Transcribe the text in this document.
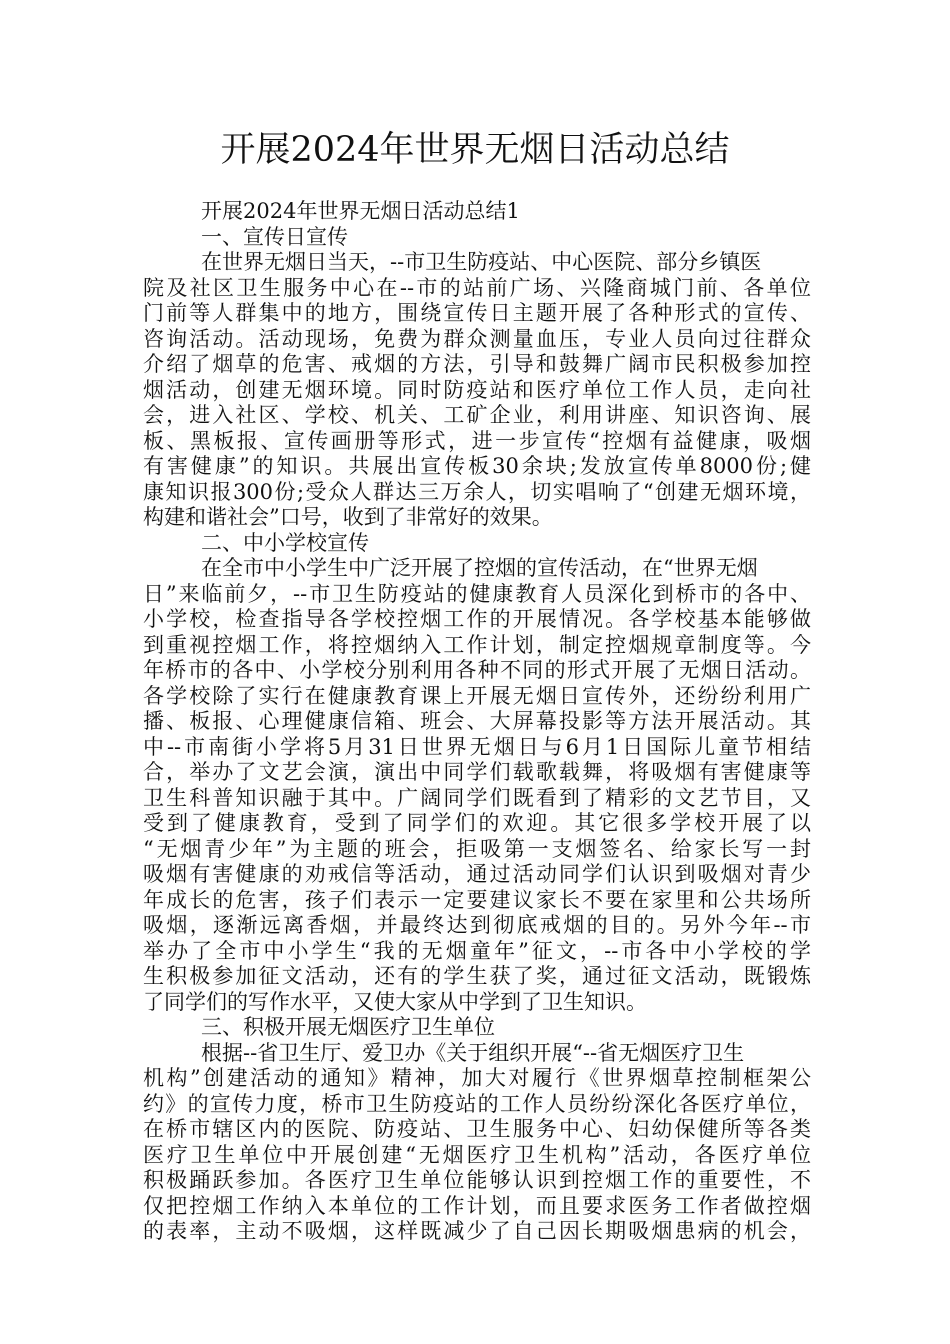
开展2024年世界无烟日活动总结

开展2024年世界无烟日活动总结1

一、宣传日宣传

在世界无烟日当天，--市卫生防疫站、中心医院、部分乡镇医

院及社区卫生服务中心在--市的站前广场、兴隆商城门前、各单位

门前等人群集中的地方，围绕宣传日主题开展了各种形式的宣传、

咨询活动。活动现场，免费为群众测量血压，专业人员向过往群众

介绍了烟草的危害、戒烟的方法，引导和鼓舞广阔市民积极参加控

烟活动，创建无烟环境。同时防疫站和医疗单位工作人员，走向社

会，进入社区、学校、机关、工矿企业，利用讲座、知识咨询、展

板、黑板报、宣传画册等形式，进一步宣传“控烟有益健康，吸烟

有害健康”的知识。共展出宣传板30余块;发放宣传单8000份;健

康知识报300份;受众人群达三万余人，切实唱响了“创建无烟环境，

构建和谐社会”口号，收到了非常好的效果。

二、中小学校宣传

在全市中小学生中广泛开展了控烟的宣传活动，在“世界无烟

日”来临前夕，--市卫生防疫站的健康教育人员深化到桥市的各中、

小学校，检查指导各学校控烟工作的开展情况。各学校基本能够做

到重视控烟工作，将控烟纳入工作计划，制定控烟规章制度等。今

年桥市的各中、小学校分别利用各种不同的形式开展了无烟日活动。

各学校除了实行在健康教育课上开展无烟日宣传外，还纷纷利用广

播、板报、心理健康信箱、班会、大屏幕投影等方法开展活动。其

中--市南街小学将5月31日世界无烟日与6月1日国际儿童节相结

合，举办了文艺会演，演出中同学们载歌载舞，将吸烟有害健康等

卫生科普知识融于其中。广阔同学们既看到了精彩的文艺节目，又

受到了健康教育，受到了同学们的欢迎。其它很多学校开展了以

“无烟青少年”为主题的班会，拒吸第一支烟签名、给家长写一封

吸烟有害健康的劝戒信等活动，通过活动同学们认识到吸烟对青少

年成长的危害，孩子们表示一定要建议家长不要在家里和公共场所

吸烟，逐渐远离香烟，并最终达到彻底戒烟的目的。另外今年--市

举办了全市中小学生“我的无烟童年”征文，--市各中小学校的学

生积极参加征文活动，还有的学生获了奖，通过征文活动，既锻炼

了同学们的写作水平，又使大家从中学到了卫生知识。

三、积极开展无烟医疗卫生单位

根据--省卫生厅、爱卫办《关于组织开展“--省无烟医疗卫生

机构”创建活动的通知》精神，加大对履行《世界烟草控制框架公

约》的宣传力度，桥市卫生防疫站的工作人员纷纷深化各医疗单位，

在桥市辖区内的医院、防疫站、卫生服务中心、妇幼保健所等各类

医疗卫生单位中开展创建“无烟医疗卫生机构”活动，各医疗单位

积极踊跃参加。各医疗卫生单位能够认识到控烟工作的重要性，不

仅把控烟工作纳入本单位的工作计划，而且要求医务工作者做控烟

的表率，主动不吸烟，这样既减少了自己因长期吸烟患病的机会，
